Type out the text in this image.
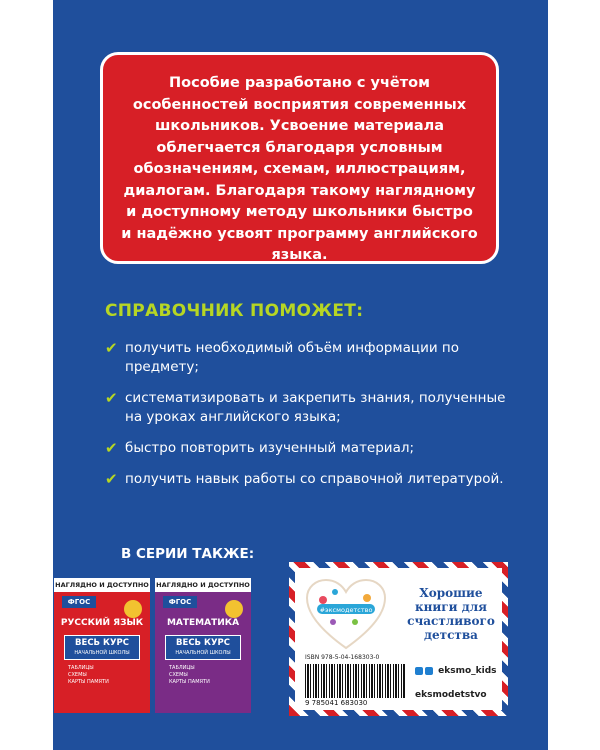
Пособие разработано с учётом особенностей восприятия современных школьников. Усвоение материала облегчается благодаря условным обозначениям, схемам, иллюстрациям, диалогам. Благодаря такому наглядному и доступному методу школьники быстро и надёжно усвоят программу английского языка.

СПРАВОЧНИК ПОМОЖЕТ:
✔ получить необходимый объём информации по предмету;
✔ систематизировать и закрепить знания, полученные на уроках английского языка;
✔ быстро повторить изученный материал;
✔ получить навык работы со справочной литературой.
В СЕРИИ ТАКЖЕ:
НАГЛЯДНО И ДОСТУПНО
ФГОС
РУССКИЙ ЯЗЫК
ВЕСЬ КУРС
НАЧАЛЬНОЙ ШКОЛЫ
ТАБЛИЦЫ
СХЕМЫ
КАРТЫ ПАМЯТИ
НАГЛЯДНО И ДОСТУПНО
ФГОС
МАТЕМАТИКА
ВЕСЬ КУРС
НАЧАЛЬНОЙ ШКОЛЫ
ТАБЛИЦЫ
СХЕМЫ
КАРТЫ ПАМЯТИ
#эксмодетство
Хорошие книги для счастливого детства
ISBN 978-5-04-168303-0
9 785041 683030
eksmo_kids
eksmodetstvo
